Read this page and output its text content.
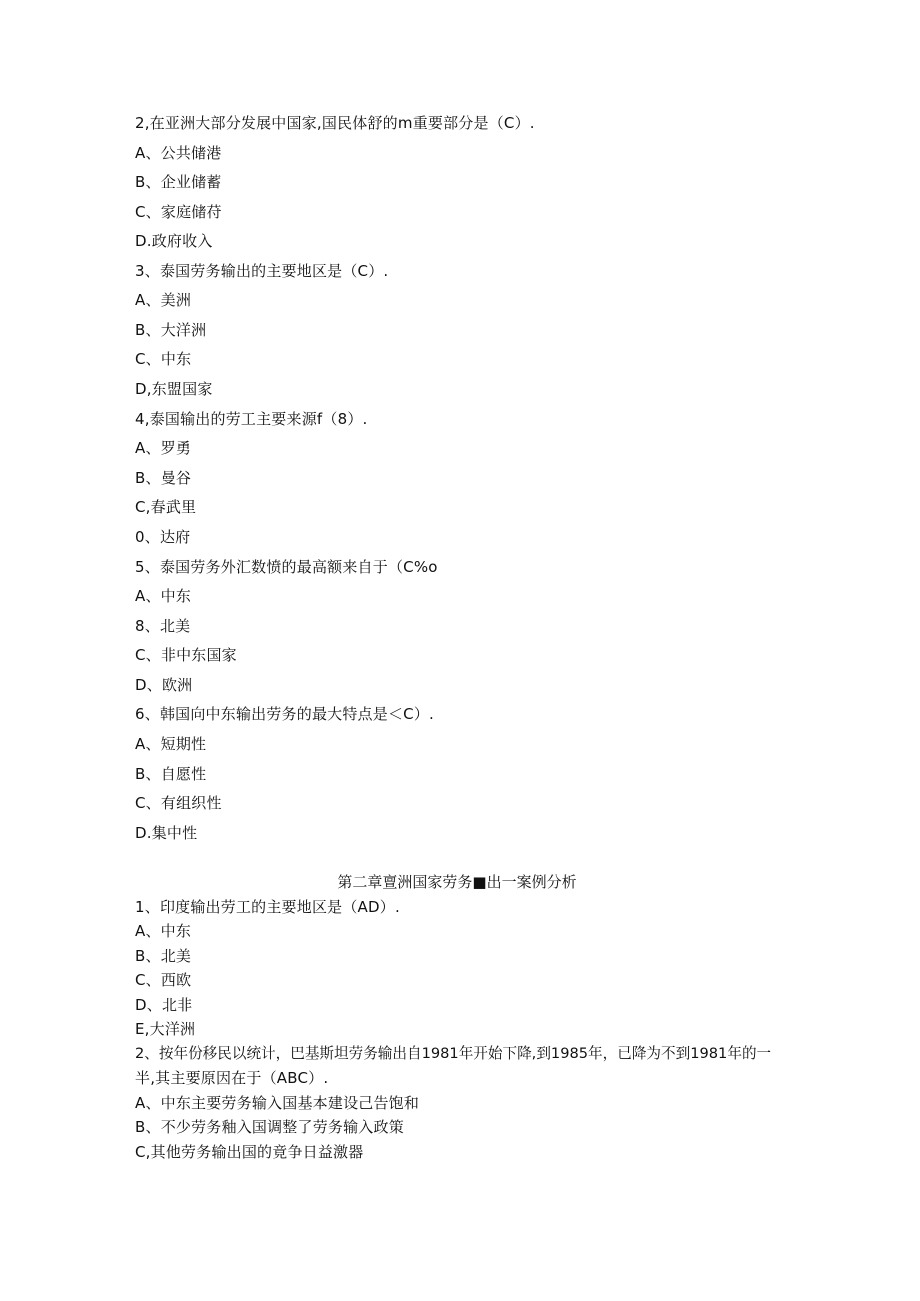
2,在亚洲大部分发展中国家,国民体舒的m重要部分是（C）.
A、公共储港
B、企业储蓄
C、家庭储苻
D.政府收入
3、泰国劳务输出的主要地区是（C）.
A、美洲
B、大洋洲
C、中东
D,东盟国家
4,泰国输出的劳工主要来源f（8）.
A、罗勇
B、曼谷
C,春武里
0、达府
5、泰国劳务外汇数愤的最高额来自于（C%o
A、中东
8、北美
C、非中东国家
D、欧洲
6、韩国向中东输出劳务的最大特点是＜C）.
A、短期性
B、自愿性
C、有组织性
D.集中性
第二章亶洲国家劳务■出一案例分析
1、印度输出劳工的主要地区是（AD）.
A、中东
B、北美
C、西欧
D、北非
E,大洋洲
2、按年份移民以统计，巴基斯坦劳务输出自1981年开始下降,到1985年，已降为不到1981年的一
半,其主要原因在于（ABC）.
A、中东主要劳务输入国基本建设己告饱和
B、不少劳务釉入国调整了劳务输入政策
C,其他劳务输出国的竟争日益激器
